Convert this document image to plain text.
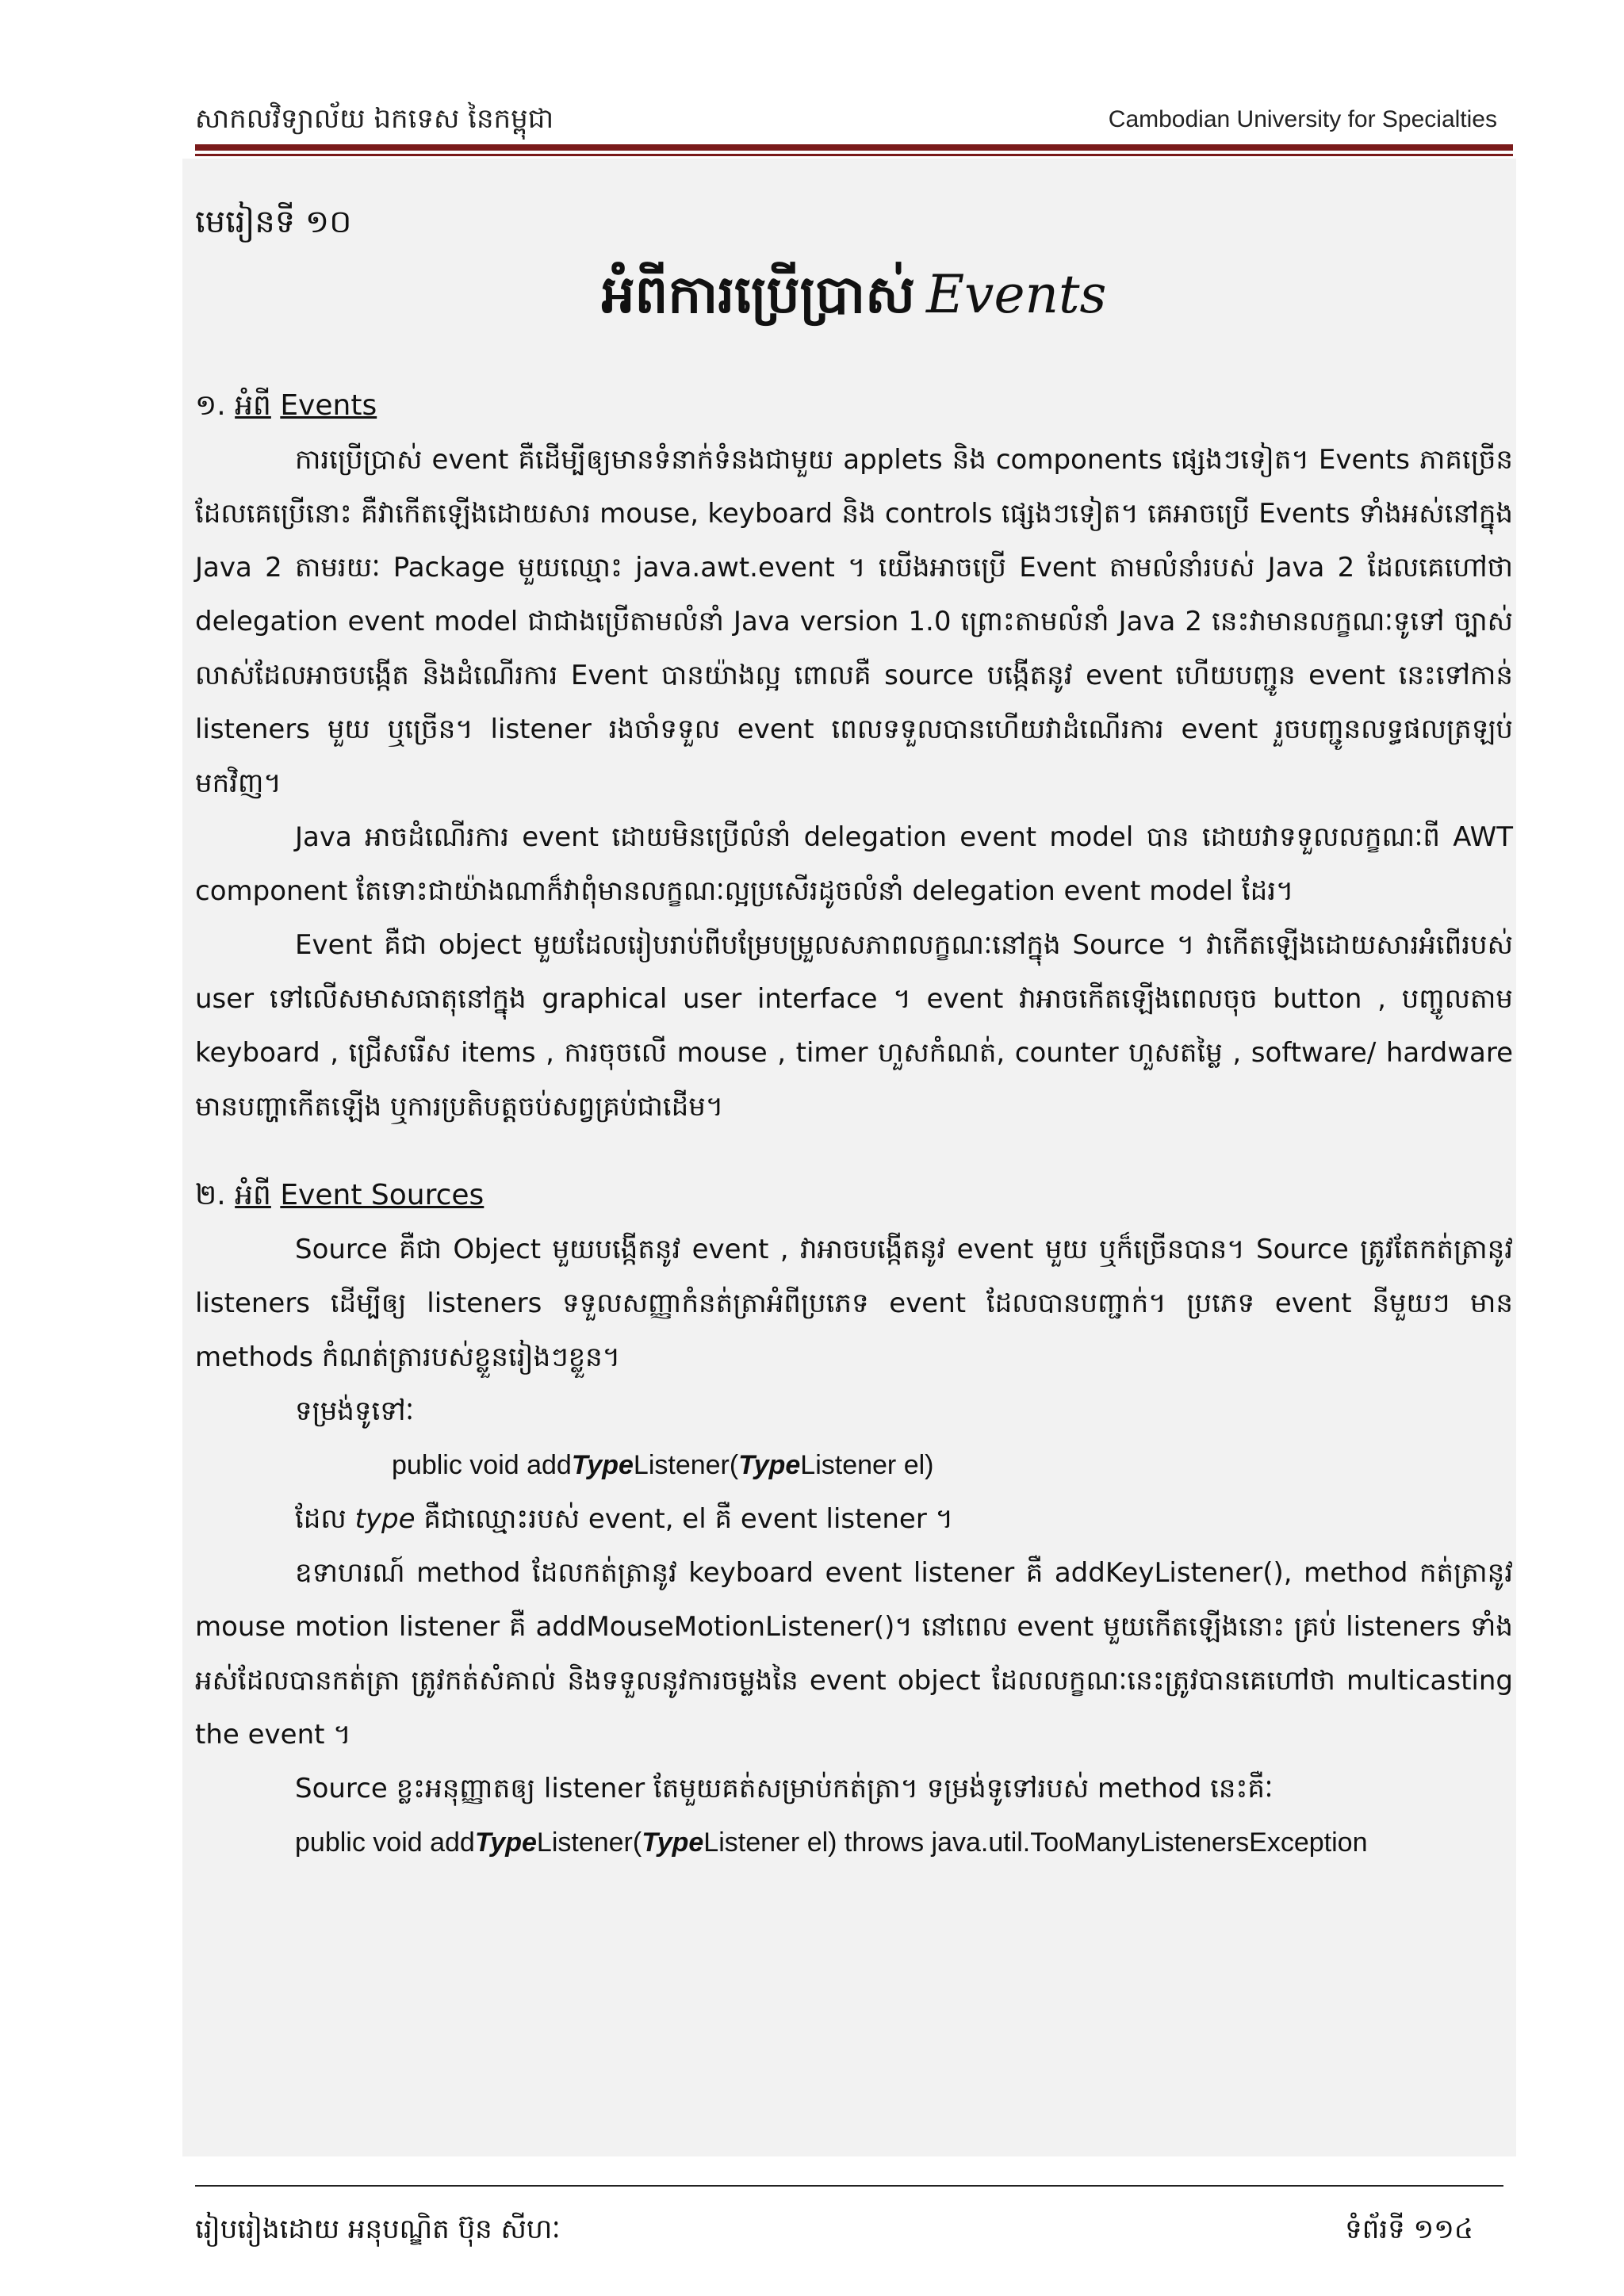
សាកលវិទ្យាល័យ ឯកទេស នៃកម្ពុជា	Cambodian University for Specialties

មេរៀនទី ១០

អំពីការប្រើប្រាស់ Events

១. អំពី Events

ការប្រើប្រាស់ event គឺដើម្បីឲ្យមានទំនាក់ទំនងជាមួយ applets និង components ផ្សេងៗទៀត។ Events ភាគច្រើនដែលគេប្រើនោះ គឺវាកើតឡើងដោយសារ mouse, keyboard និង controls ផ្សេងៗទៀត។ គេអាចប្រើ Events ទាំងអស់នៅក្នុង Java 2 តាមរយៈ Package មួយឈ្មោះ java.awt.event ។ យើងអាចប្រើ Event តាមលំនាំរបស់ Java 2 ដែលគេហៅថា delegation event model ជាជាងប្រើតាមលំនាំ Java version 1.0 ព្រោះតាមលំនាំ Java 2 នេះវាមានលក្ខណៈទូទៅ ច្បាស់លាស់ដែលអាចបង្កើត និងដំណើរការ Event បានយ៉ាងល្អ ពោលគឺ source បង្កើតនូវ event ហើយបញ្ជូន event នេះទៅកាន់ listeners មួយ ឬច្រើន។ listener រងចាំទទួល event ពេលទទួលបានហើយវាដំណើរការ event រួចបញ្ជូនលទ្ធផលត្រឡប់មកវិញ។

Java អាចដំណើរការ event ដោយមិនប្រើលំនាំ delegation event model បាន ដោយវាទទួលលក្ខណៈពី AWT component តែទោះជាយ៉ាងណាក៏វាពុំមានលក្ខណៈល្អប្រសើរដូចលំនាំ delegation event model ដែរ។

Event គឺជា object មួយដែលរៀបរាប់ពីបម្រែបម្រួលសភាពលក្ខណៈនៅក្នុង Source ។ វាកើតឡើងដោយសារអំពើរបស់ user ទៅលើសមាសធាតុនៅក្នុង graphical user interface ។ event វាអាចកើតឡើងពេលចុច button , បញ្ចូលតាម keyboard , ជ្រើសរើស items , ការចុចលើ mouse , timer ហួសកំណត់, counter ហួសតម្លៃ , software/ hardware មានបញ្ហាកើតឡើង ឬការប្រតិបត្តចប់សព្វគ្រប់ជាដើម។

២. អំពី Event Sources

Source គឺជា Object មួយបង្កើតនូវ event , វាអាចបង្កើតនូវ event មួយ ឬក៏ច្រើនបាន។ Source ត្រូវតែកត់ត្រានូវ listeners ដើម្បីឲ្យ listeners ទទួលសញ្ញាកំនត់ត្រាអំពីប្រភេទ event ដែលបានបញ្ជាក់។ ប្រភេទ event នីមួយៗ មាន methods កំណត់ត្រារបស់ខ្លួនរៀងៗខ្លួន។

ទម្រង់ទូទៅៈ

public void addTypeListener(TypeListener el)

ដែល type គឺជាឈ្មោះរបស់ event, el គឺ event listener ។

ឧទាហរណ៍ method ដែលកត់ត្រានូវ keyboard event listener គឺ addKeyListener(), method កត់ត្រានូវ mouse motion listener គឺ addMouseMotionListener()។ នៅពេល event មួយកើតឡើងនោះ គ្រប់ listeners ទាំងអស់ដែលបានកត់ត្រា ត្រូវកត់សំគាល់ និងទទួលនូវការចម្លងនៃ event object ដែលលក្ខណៈនេះត្រូវបានគេហៅថា multicasting the event ។

Source ខ្លះអនុញ្ញាតឲ្យ listener តែមួយគត់សម្រាប់កត់ត្រា។ ទម្រង់ទូទៅរបស់ method នេះគឺៈ

public void addTypeListener(TypeListener el) throws java.util.TooManyListenersException

រៀបរៀងដោយ អនុបណ្ឌិត ប៊ុន សីហៈ	ទំព័រទី ១១៤
